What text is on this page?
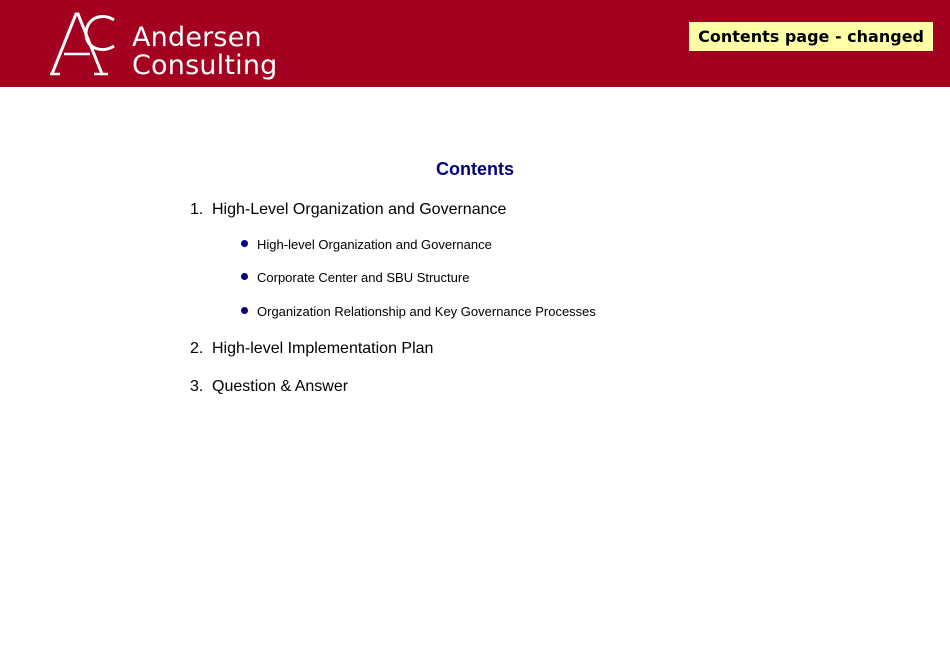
Andersen
Consulting
Contents page - changed
Contents
1. High-Level Organization and Governance
High-level Organization and Governance
Corporate Center and SBU Structure
Organization Relationship and Key Governance Processes
2. High-level Implementation Plan
3. Question & Answer
